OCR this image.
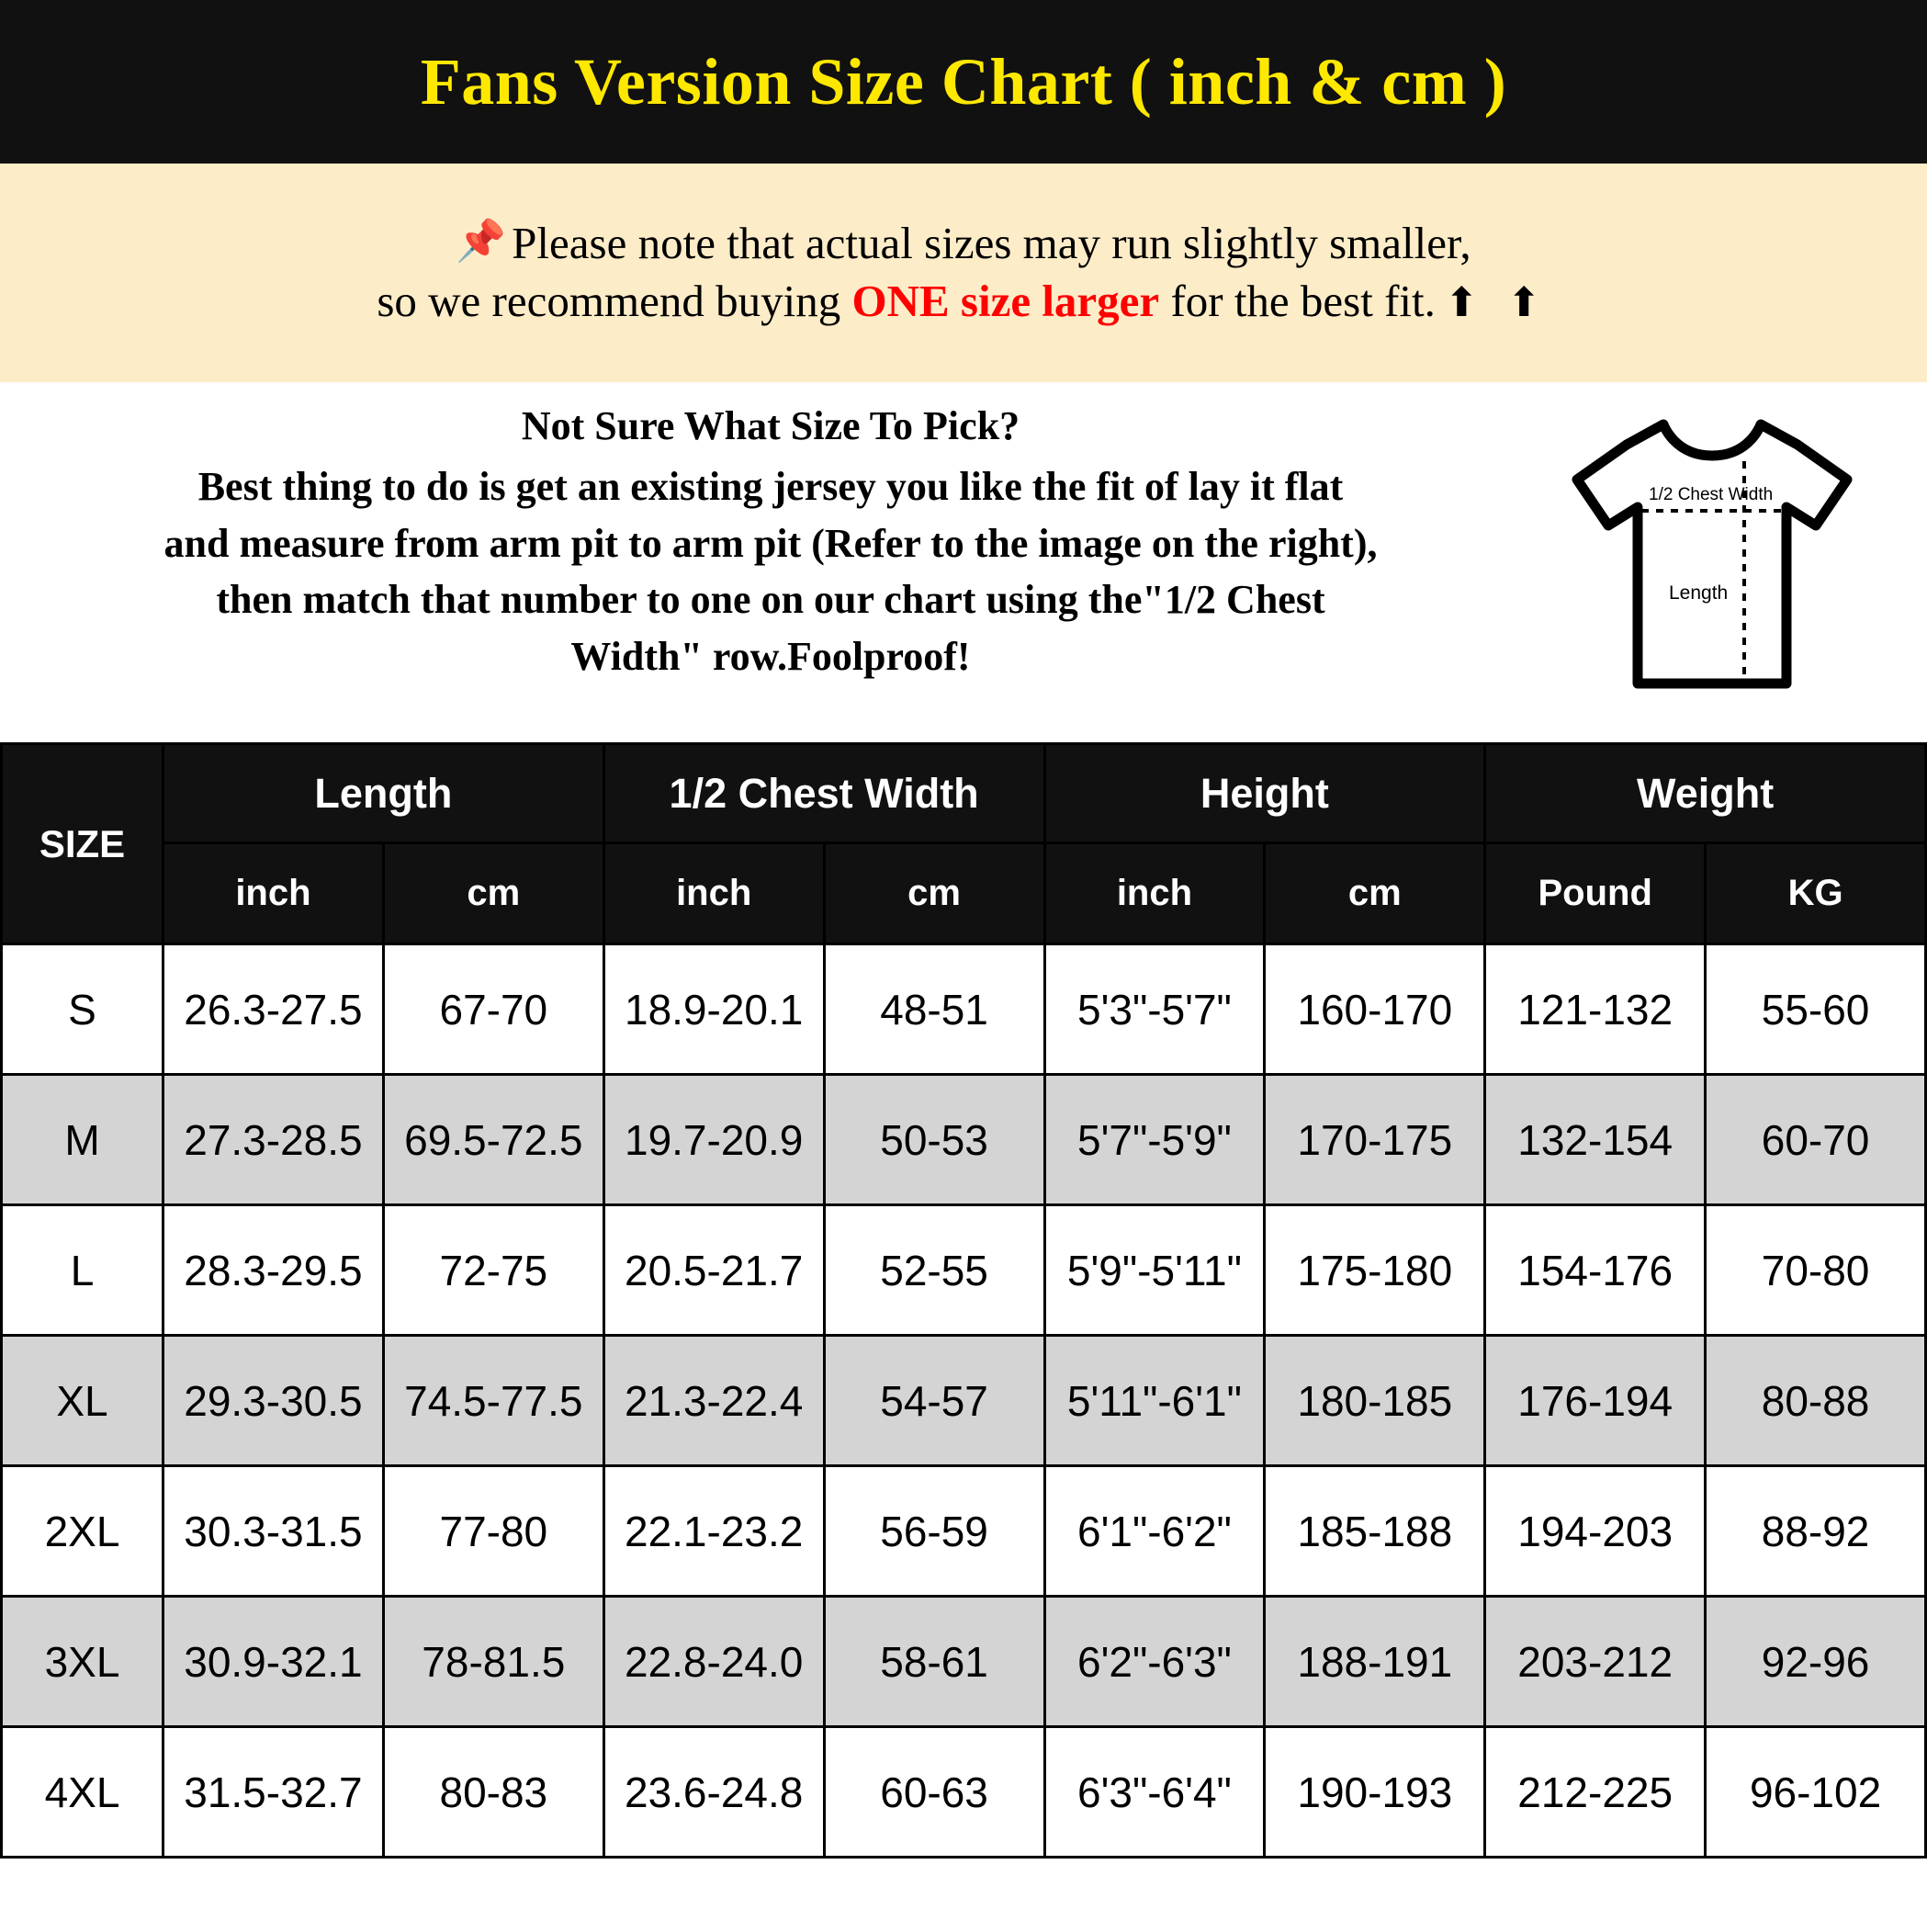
Fans Version Size Chart ( inch & cm )
📌 Please note that actual sizes may run slightly smaller,
so we recommend buying ONE size larger for the best fit. ⬆ ⬆
Not Sure What Size To Pick?
Best thing to do is get an existing jersey you like the fit of lay it flat
and measure from arm pit to arm pit (Refer to the image on the right),
then match that number to one on our chart using the"1/2 Chest
Width" row.Foolproof!
1/2 Chest Width
Length
SIZE	Length		1/2 Chest Width		Height		Weight	
	inch	cm	inch	cm	inch	cm	Pound	KG
S	26.3-27.5	67-70	18.9-20.1	48-51	5'3"-5'7"	160-170	121-132	55-60
M	27.3-28.5	69.5-72.5	19.7-20.9	50-53	5'7"-5'9"	170-175	132-154	60-70
L	28.3-29.5	72-75	20.5-21.7	52-55	5'9"-5'11"	175-180	154-176	70-80
XL	29.3-30.5	74.5-77.5	21.3-22.4	54-57	5'11"-6'1"	180-185	176-194	80-88
2XL	30.3-31.5	77-80	22.1-23.2	56-59	6'1"-6'2"	185-188	194-203	88-92
3XL	30.9-32.1	78-81.5	22.8-24.0	58-61	6'2"-6'3"	188-191	203-212	92-96
4XL	31.5-32.7	80-83	23.6-24.8	60-63	6'3"-6'4"	190-193	212-225	96-102
